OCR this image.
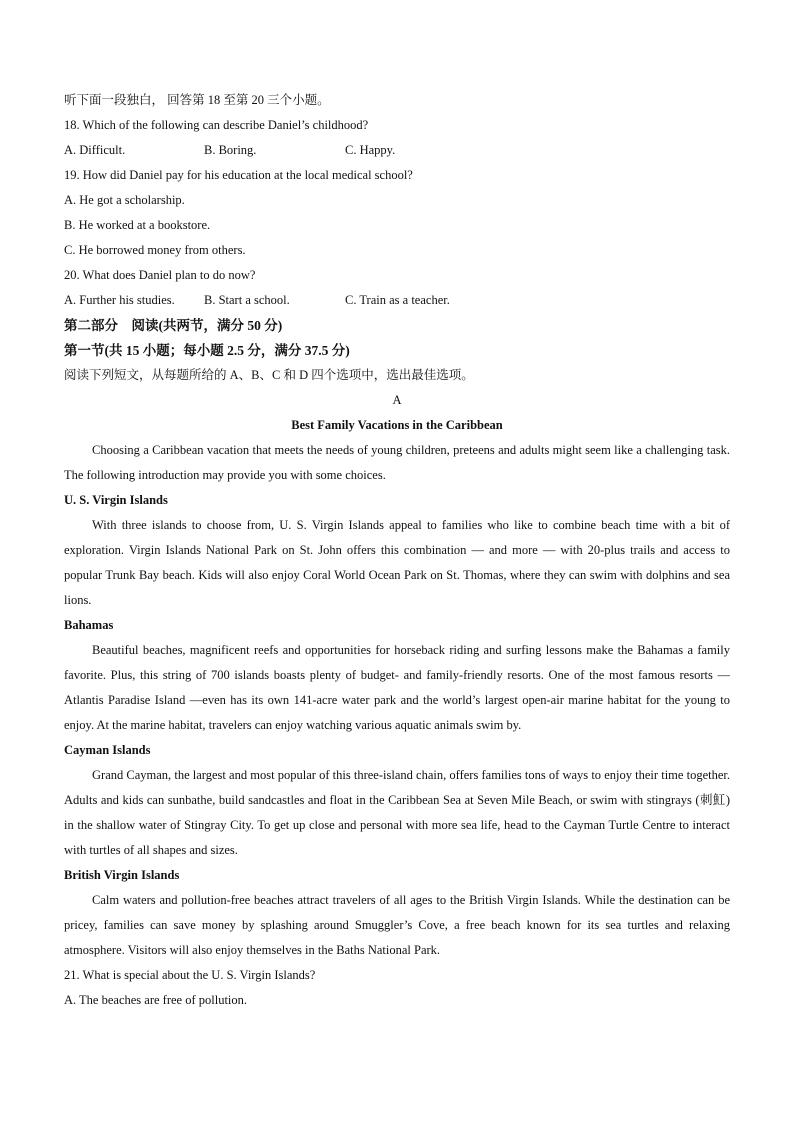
听下面一段独白， 回答第 18 至第 20 三个小题。
18. Which of the following can describe Daniel’s childhood?
A. Difficult.	B. Boring.	C. Happy.
19. How did Daniel pay for his education at the local medical school?
A. He got a scholarship.
B. He worked at a bookstore.
C. He borrowed money from others.
20. What does Daniel plan to do now?
A. Further his studies.	B. Start a school.	C. Train as a teacher.
第二部分　阅读(共两节，满分 50 分)
第一节(共 15 小题；每小题 2.5 分，满分 37.5 分)
阅读下列短文，从每题所给的 A、B、C 和 D 四个选项中，选出最佳选项。
A
Best Family Vacations in the Caribbean

Choosing a Caribbean vacation that meets the needs of young children, preteens and adults might seem like a challenging task. The following introduction may provide you with some choices.

U. S. Virgin Islands

With three islands to choose from, U. S. Virgin Islands appeal to families who like to combine beach time with a bit of exploration. Virgin Islands National Park on St. John offers this combination — and more — with 20-plus trails and access to popular Trunk Bay beach. Kids will also enjoy Coral World Ocean Park on St. Thomas, where they can swim with dolphins and sea lions.

Bahamas

Beautiful beaches, magnificent reefs and opportunities for horseback riding and surfing lessons make the Bahamas a family favorite. Plus, this string of 700 islands boasts plenty of budget- and family-friendly resorts. One of the most famous resorts — Atlantis Paradise Island —even has its own 141-acre water park and the world’s largest open-air marine habitat for the young to enjoy. At the marine habitat, travelers can enjoy watching various aquatic animals swim by.

Cayman Islands

Grand Cayman, the largest and most popular of this three-island chain, offers families tons of ways to enjoy their time together. Adults and kids can sunbathe, build sandcastles and float in the Caribbean Sea at Seven Mile Beach, or swim with stingrays (刺魟) in the shallow water of Stingray City. To get up close and personal with more sea life, head to the Cayman Turtle Centre to interact with turtles of all shapes and sizes.

British Virgin Islands

Calm waters and pollution-free beaches attract travelers of all ages to the British Virgin Islands. While the destination can be pricey, families can save money by splashing around Smuggler’s Cove, a free beach known for its sea turtles and relaxing atmosphere. Visitors will also enjoy themselves in the Baths National Park.

21. What is special about the U. S. Virgin Islands?
A. The beaches are free of pollution.
